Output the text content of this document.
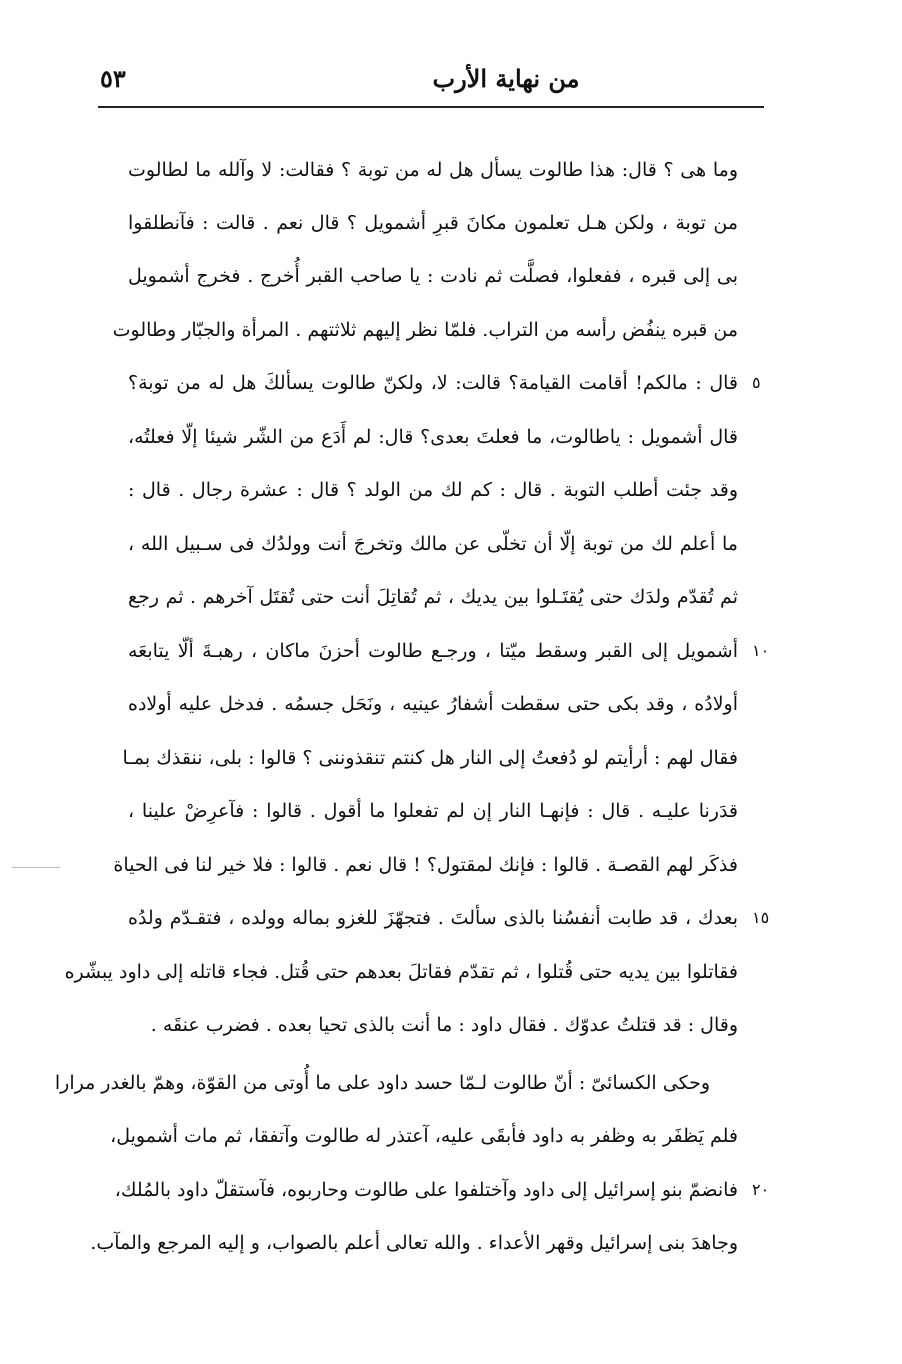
من نهاية الأرب
٥٣
وما هى ؟ قال: هذا طالوت يسأل هل له من توبة ؟ فقالت: لا وآلله ما لطالوت
من توبة ، ولكن هـل تعلمون مكانَ قبرِ أشمويل ؟ قال نعم . قالت : فآنطلقوا
بى إلى قبره ، ففعلوا، فصلَّت ثم نادت : يا صاحب القبر أُخرج . فخرج أشمويل
من قبره ينفُض رأسه من التراب. فلمّا نظر إليهم ثلاثتهم . المرأة والجبّار وطالوت
قال : مالكم! أقامت القيامة؟ قالت: لا، ولكنّ طالوت يسألكَ هل له من توبة؟
قال أشمويل : ياطالوت، ما فعلتَ بعدى؟ قال: لم أَدَع من الشّر شيئا إلّا فعلتُه،
وقد جئت أطلب التوبة . قال : كم لك من الولد ؟ قال : عشرة رجال . قال :
ما أعلم لك من توبة إلّا أن تخلّى عن مالك وتخرجَ أنت وولدُك فى سـبيل الله ،
ثم تُقدّم ولدَك حتى يُقتَـلوا بين يديك ، ثم تُقاتِلَ أنت حتى تُقتَل آخرهم . ثم رجع
أشمويل إلى القبر وسقط ميّتا ، ورجـع طالوت أحزنَ ماكان ، رهبـةَ ألّا يتابعَه
أولادُه ، وقد بكى حتى سقطت أشفارُ عينيه ، ونَحَل جسمُه . فدخل عليه أولاده
فقال لهم : أرأيتم لو دُفعتُ إلى النار هل كنتم تنقذوننى ؟ قالوا : بلى، ننقذك بمـا
قدَرنا عليـه . قال : فإنهـا النار إن لم تفعلوا ما أقول . قالوا : فآعرِضْ علينا ،
فذكَر لهم القصـة . قالوا : فإنك لمقتول؟ ! قال نعم . قالوا : فلا خير لنا فى الحياة
بعدك ، قد طابت أنفسُنا بالذى سألتَ . فتجهّزَ للغزو بماله وولده ، فتقـدّم ولدُه
فقاتلوا بين يديه حتى قُتلوا ، ثم تقدّم فقاتلَ بعدهم حتى قُتل. فجاء قاتله إلى داود يبشّره
وقال : قد قتلتُ عدوّك . فقال داود : ما أنت بالذى تحيا بعده . فضرب عنقَه .
وحكى الكسائىّ : أنّ طالوت لـمّا حسد داود على ما أُوتى من القوّة، وهمّ بالغدر مرارا
فلم يَظفَر به وظفر به داود فأبقَى عليه، آعتذر له طالوت وآتفقا، ثم مات أشمويل،
فانضمّ بنو إسرائيل إلى داود وآختلفوا على طالوت وحاربوه، فآستقلّ داود بالمُلك،
وجاهدَ بنى إسرائيل وقهر الأعداء . والله تعالى أعلم بالصواب، و إليه المرجع والمآب.
٥
١٠
١٥
٢٠
